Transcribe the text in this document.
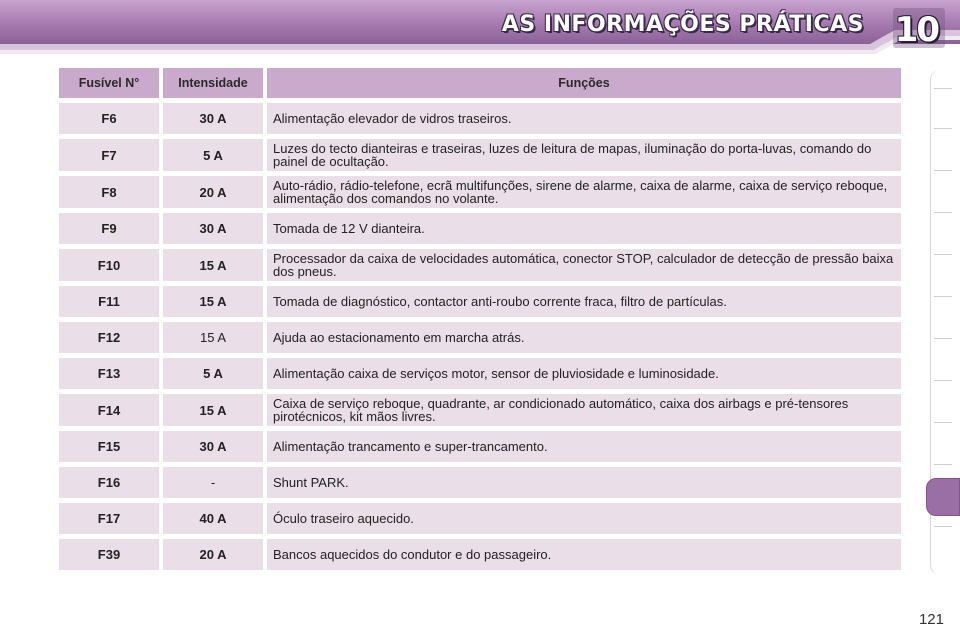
AS INFORMAÇÕES PRÁTICAS 10
Fusível N°	Intensidade	Funções
F6	30 A	Alimentação elevador de vidros traseiros.
F7	5 A	Luzes do tecto dianteiras e traseiras, luzes de leitura de mapas, iluminação do porta-luvas, comando do painel de ocultação.
F8	20 A	Auto-rádio, rádio-telefone, ecrã multifunções, sirene de alarme, caixa de alarme, caixa de serviço reboque, alimentação dos comandos no volante.
F9	30 A	Tomada de 12 V dianteira.
F10	15 A	Processador da caixa de velocidades automática, conector STOP, calculador de detecção de pressão baixa dos pneus.
F11	15 A	Tomada de diagnóstico, contactor anti-roubo corrente fraca, filtro de partículas.
F12	15 A	Ajuda ao estacionamento em marcha atrás.
F13	5 A	Alimentação caixa de serviços motor, sensor de pluviosidade e luminosidade.
F14	15 A	Caixa de serviço reboque, quadrante, ar condicionado automático, caixa dos airbags e pré-tensores pirotécnicos, kit mãos livres.
F15	30 A	Alimentação trancamento e super-trancamento.
F16	-	Shunt PARK.
F17	40 A	Óculo traseiro aquecido.
F39	20 A	Bancos aquecidos do condutor e do passageiro.
121
